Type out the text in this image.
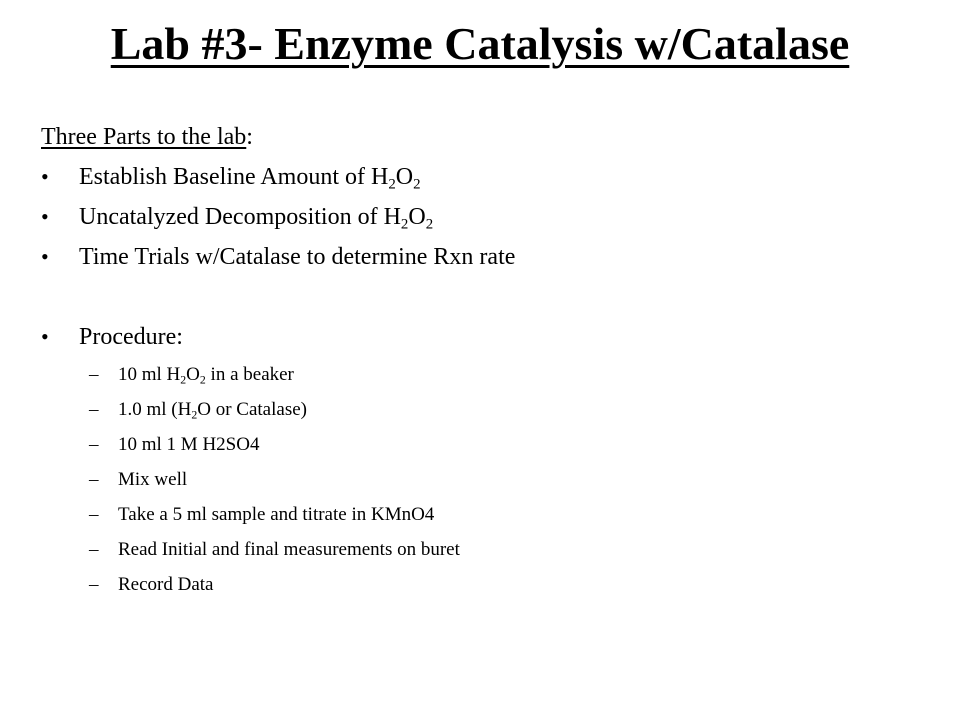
Lab #3- Enzyme Catalysis w/Catalase
Three Parts to the lab:
• Establish Baseline Amount of $H_2O_2$
• Uncatalyzed Decomposition of $H_2O_2$
• Time Trials w/Catalase to determine Rxn rate
• Procedure:
– 10 ml $H_2O_2$ in a beaker
– 1.0 ml ($H_2O$ or Catalase)
– 10 ml 1 M H2SO4
– Mix well
– Take a 5 ml sample and titrate in KMnO4
– Read Initial and final measurements on buret
– Record Data
